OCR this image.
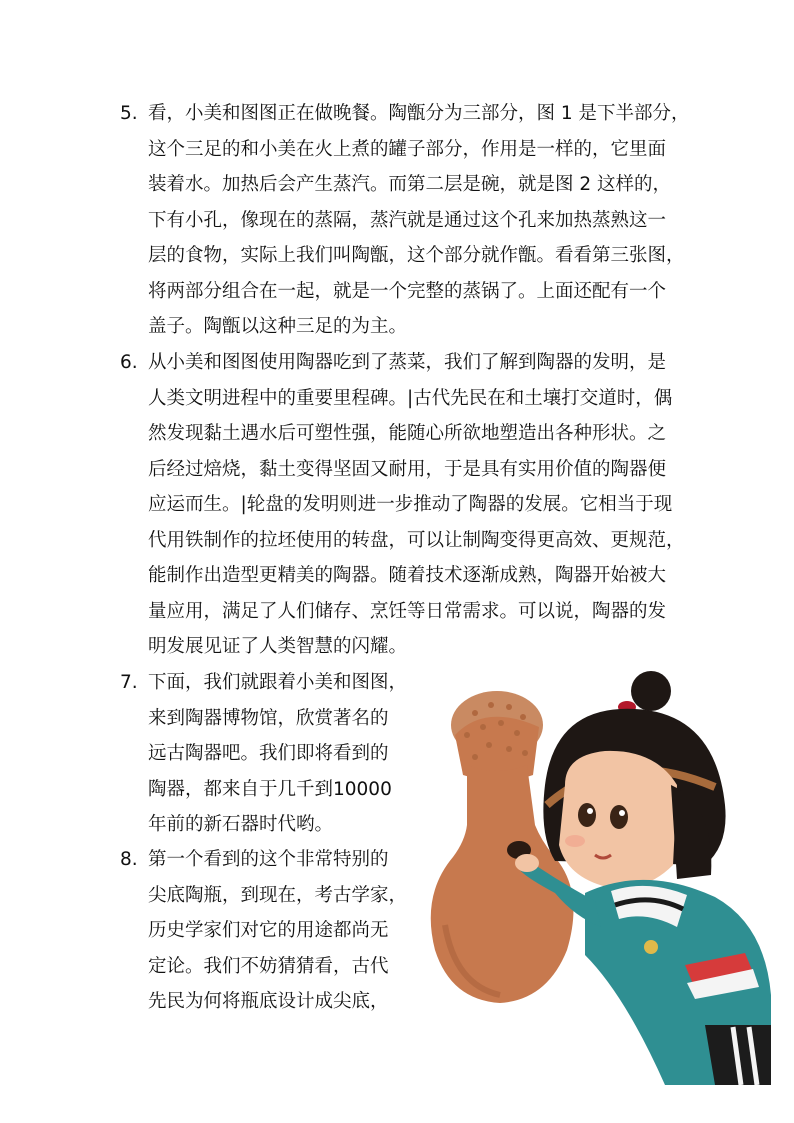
5. 看，小美和图图正在做晚餐。陶甑分为三部分，图 1 是下半部分，
这个三足的和小美在火上煮的罐子部分，作用是一样的，它里面
装着水。加热后会产生蒸汽。而第二层是碗，就是图 2 这样的，
下有小孔，像现在的蒸隔，蒸汽就是通过这个孔来加热蒸熟这一
层的食物，实际上我们叫陶甑，这个部分就作甑。看看第三张图，
将两部分组合在一起，就是一个完整的蒸锅了。上面还配有一个
盖子。陶甑以这种三足的为主。
6. 从小美和图图使用陶器吃到了蒸菜，我们了解到陶器的发明，是
人类文明进程中的重要里程碑。|古代先民在和土壤打交道时，偶
然发现黏土遇水后可塑性强，能随心所欲地塑造出各种形状。之
后经过焙烧，黏土变得坚固又耐用，于是具有实用价值的陶器便
应运而生。|轮盘的发明则进一步推动了陶器的发展。它相当于现
代用铁制作的拉坯使用的转盘，可以让制陶变得更高效、更规范，
能制作出造型更精美的陶器。随着技术逐渐成熟，陶器开始被大
量应用，满足了人们储存、烹饪等日常需求。可以说，陶器的发
明发展见证了人类智慧的闪耀。
7. 下面，我们就跟着小美和图图，
来到陶器博物馆，欣赏著名的
远古陶器吧。我们即将看到的
陶器，都来自于几千到10000
年前的新石器时代哟。
8. 第一个看到的这个非常特别的
尖底陶瓶，到现在，考古学家，
历史学家们对它的用途都尚无
定论。我们不妨猜猜看，古代
先民为何将瓶底设计成尖底，
